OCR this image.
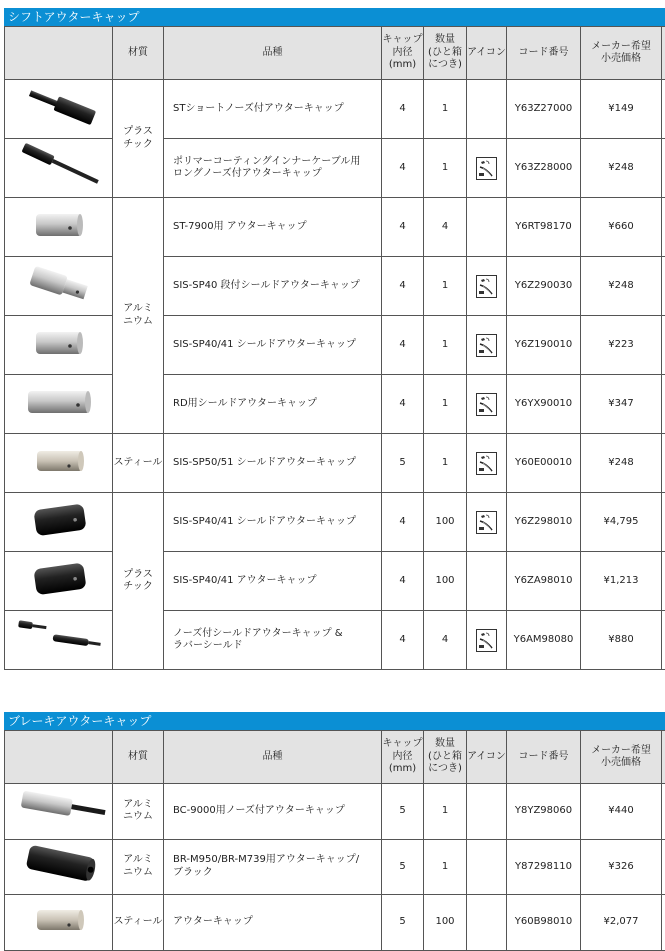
シフトアウターキャップ
	材質	品種	キャップ
内径
(mm)	数量
(ひと箱
につき)	アイコン	コード番号	メーカー希望
小売価格	
	プラス
チック	STショートノーズ付アウターキャップ	4	1		Y63Z27000	¥149	
	ポリマーコーティングインナーケーブル用
ロングノーズ付アウターキャップ	4	1		Y63Z28000	¥248	
	アルミ
ニウム	ST-7900用 アウターキャップ	4	4		Y6RT98170	¥660	
	SIS-SP40 段付シールドアウターキャップ	4	1		Y6Z290030	¥248	
	SIS-SP40/41 シールドアウターキャップ	4	1		Y6Z190010	¥223	
	RD用シールドアウターキャップ	4	1		Y6YX90010	¥347	
	スティール	SIS-SP50/51 シールドアウターキャップ	5	1		Y60E00010	¥248	
	プラス
チック	SIS-SP40/41 シールドアウターキャップ	4	100		Y6Z298010	¥4,795	
	SIS-SP40/41 アウターキャップ	4	100		Y6ZA98010	¥1,213	
	ノーズ付シールドアウターキャップ &
ラバーシールド	4	4		Y6AM98080	¥880	
ブレーキアウターキャップ
	材質	品種	キャップ
内径
(mm)	数量
(ひと箱
につき)	アイコン	コード番号	メーカー希望
小売価格	
	アルミ
ニウム	BC-9000用ノーズ付アウターキャップ	5	1		Y8YZ98060	¥440	
	アルミ
ニウム	BR-M950/BR-M739用アウターキャップ/
ブラック	5	1		Y87298110	¥326	
	スティール	アウターキャップ	5	100		Y60B98010	¥2,077	
